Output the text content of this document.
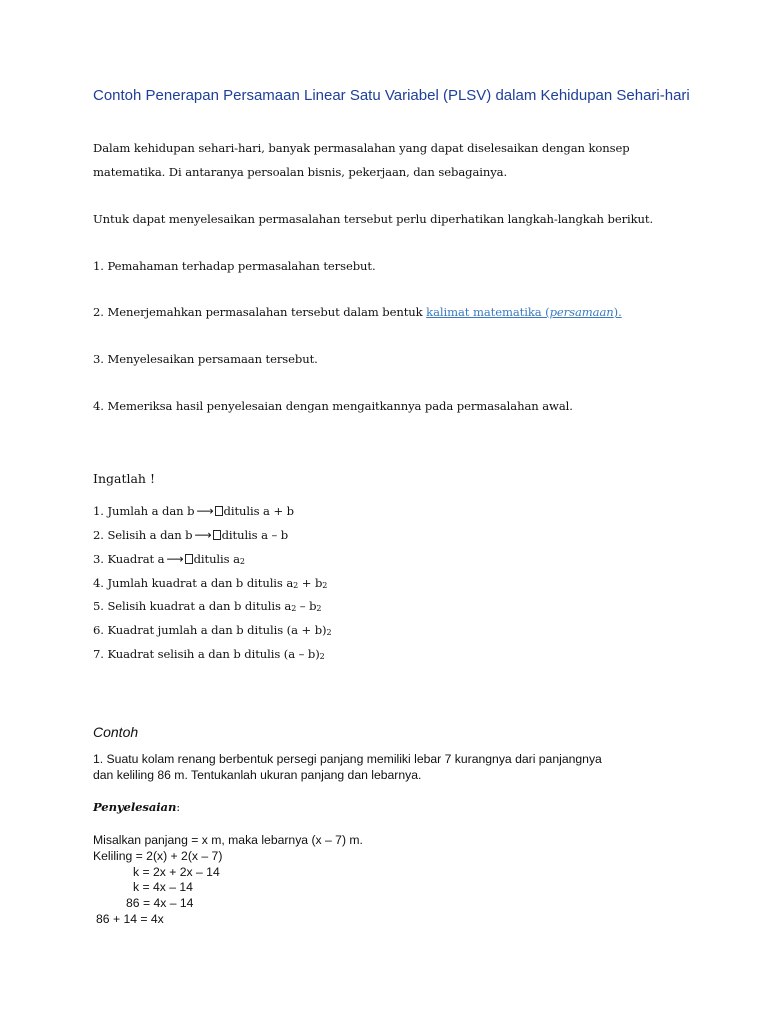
Contoh Penerapan Persamaan Linear Satu Variabel (PLSV) dalam Kehidupan Sehari-hari
Dalam kehidupan sehari-hari, banyak permasalahan yang dapat diselesaikan dengan konsep
matematika. Di antaranya persoalan bisnis, pekerjaan, dan sebagainya.
Untuk dapat menyelesaikan permasalahan tersebut perlu diperhatikan langkah-langkah berikut.
1. Pemahaman terhadap permasalahan tersebut.
2. Menerjemahkan permasalahan tersebut dalam bentuk kalimat matematika (persamaan).
3. Menyelesaikan persamaan tersebut.
4. Memeriksa hasil penyelesaian dengan mengaitkannya pada permasalahan awal.
Ingatlah !
1. Jumlah a dan b ⟶ ditulis a + b
2. Selisih a dan b ⟶ ditulis a – b
3. Kuadrat a ⟶ ditulis a2
4. Jumlah kuadrat a dan b ditulis a2 + b2
5. Selisih kuadrat a dan b ditulis a2 – b2
6. Kuadrat jumlah a dan b ditulis (a + b)2
7. Kuadrat selisih a dan b ditulis (a – b)2
Contoh
1. Suatu kolam renang berbentuk persegi panjang memiliki lebar 7 kurangnya dari panjangnya
dan keliling 86 m. Tentukanlah ukuran panjang dan lebarnya.
Penyelesaian:
Misalkan panjang = x m, maka lebarnya (x – 7) m.
Keliling = 2(x) + 2(x – 7)
k = 2x + 2x – 14
k = 4x – 14
86 = 4x – 14
86 + 14 = 4x
